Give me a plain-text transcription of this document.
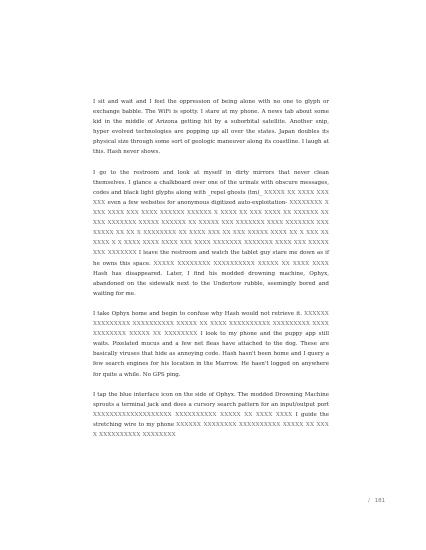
I sit and wait and I feel the oppression of being alone with no one to glyph or exchange babble. The WiFi is spotty. I stare at my phone. A news tab about some kid in the middle of Arizona getting hit by a suborbital satellite. Another snip, hyper evolved technologies are popping up all over the states. Japan doubles its physical size through some sort of geologic maneuver along its coastline. I laugh at this. Hash never shows.

I go to the restroom and look at myself in dirty mirrors that never clean themselves. I glance a chalkboard over one of the urinals with obscure messages, codes and black light glyphs along with _repel ghosts (tm)_ XXXXX XX XXXX XXXXXX even a few websites for anonymous digitized auto-exploitation- XXXXXXXX XXXX XXXX XXX XXXX XXXXXX XXXXXX X XXXX XX XXX XXXX XX XXXXXX XXXXX XXXXXXX XXXXX XXXXXX XX XXXXX XXX XXXXXXX XXXX XXXXXXX XXX XXXXX XX XX X XXXXXXXX XX XXXX XXX XX XXX XXXXX XXXX XX X XXX XXXXXX X X XXXX XXXX XXXX XXX XXXX XXXXXXX XXXXXXX XXXX XXX XXXXXXXX XXXXXXX I leave the restroom and watch the tablet guy stare me down as if he owns this space. XXXXX XXXXXXXX XXXXXXXXXX XXXXX XX XXXX XXXX Hash has disappeared. Later, I find his modded drowning machine, Ophyx, abandoned on the sidewalk next to the Undertow rubble, seemingly bored and waiting for me.

I take Ophyx home and begin to confuse why Hash would not retrieve it. XXXXXX XXXXXXXXX XXXXXXXXXX XXXXX XX XXXX XXXXXXXXXX XXXXXXXXX XXXXXXXXXXXX XXXXX XX XXXXXXXX I look to my phone and the puppy app still waits. Pixelated mucus and a few net fleas have attached to the dog. These are basically viruses that hide as annoying code. Hash hasn't been home and I query a few search engines for his location in the Marrow. He hasn't logged on anywhere for quite a while. No GPS ping.

I tap the blue interface icon on the side of Ophyx. The modded Drowning Machine sprouts a terminal jack and does a cursory search pattern for an input/output port XXXXXXXXXXXXXXXXXXX XXXXXXXXXX XXXXX XX XXXX XXXX I guide the stretching wire to my phone XXXXXX XXXXXXXX XXXXXXXXXX XXXXX XX XXXX XXXXXXXXXX XXXXXXXX

/ 181
